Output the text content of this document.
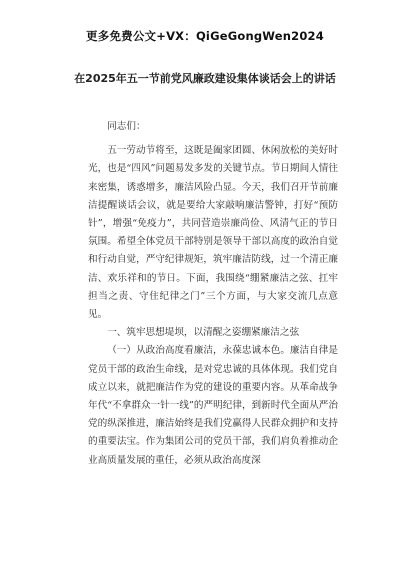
更多免费公文+VX：QiGeGongWen2024
在2025年五一节前党风廉政建设集体谈话会上的讲话

同志们：

五一劳动节将至，这既是阖家团圆、休闲放松的美好时光，也是“四风”问题易发多发的关键节点。节日期间人情往来密集，诱惑增多，廉洁风险凸显。今天，我们召开节前廉洁提醒谈话会议，就是要给大家敲响廉洁警钟，打好“预防针”，增强“免疫力”，共同营造崇廉尚俭、风清气正的节日氛围。希望全体党员干部特别是领导干部以高度的政治自觉和行动自觉，严守纪律规矩，筑牢廉洁防线，过一个清正廉洁、欢乐祥和的节日。下面，我围绕“绷紧廉洁之弦、扛牢担当之责、守住纪律之门”三个方面，与大家交流几点意见。

一、筑牢思想堤坝，以清醒之姿绷紧廉洁之弦

（一）从政治高度看廉洁，永葆忠诚本色。廉洁自律是党员干部的政治生命线，是对党忠诚的具体体现。我们党自成立以来，就把廉洁作为党的建设的重要内容。从革命战争年代“不拿群众一针一线”的严明纪律，到新时代全面从严治党的纵深推进，廉洁始终是我们党赢得人民群众拥护和支持的重要法宝。作为集团公司的党员干部，我们肩负着推动企业高质量发展的重任，必须从政治高度深
